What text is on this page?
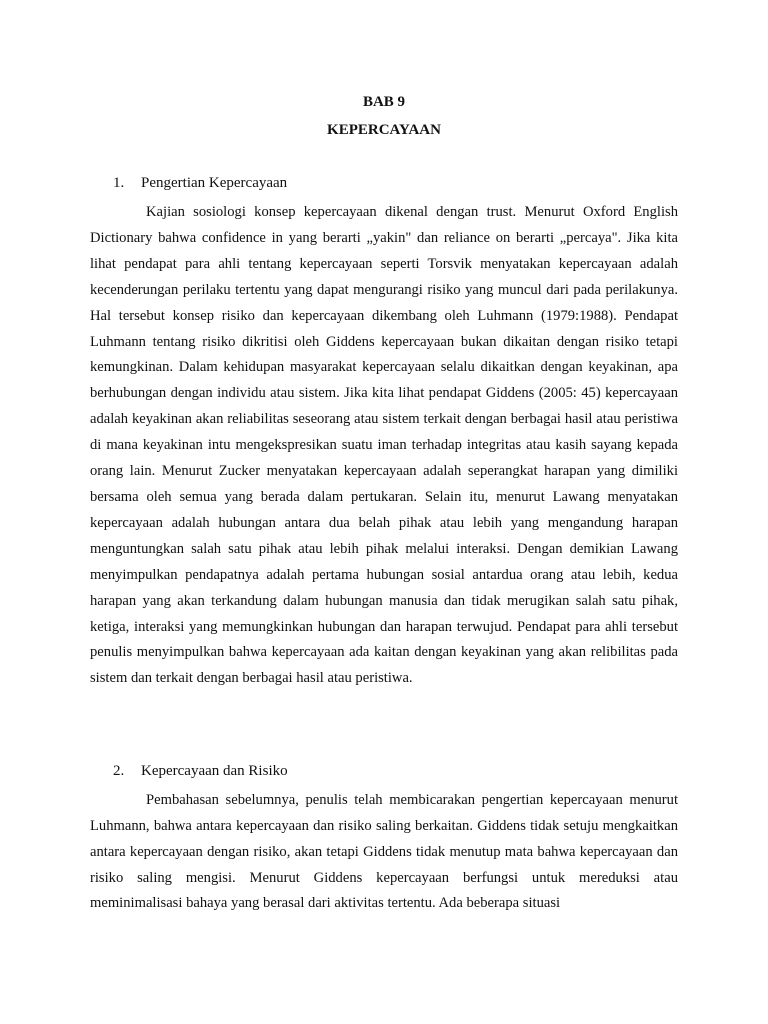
BAB 9
KEPERCAYAAN
1. Pengertian Kepercayaan

Kajian sosiologi konsep kepercayaan dikenal dengan trust. Menurut Oxford English Dictionary bahwa confidence in yang berarti „yakin" dan reliance on berarti „percaya". Jika kita lihat pendapat para ahli tentang kepercayaan seperti Torsvik menyatakan kepercayaan adalah kecenderungan perilaku tertentu yang dapat mengurangi risiko yang muncul dari pada perilakunya. Hal tersebut konsep risiko dan kepercayaan dikembang oleh Luhmann (1979:1988). Pendapat Luhmann tentang risiko dikritisi oleh Giddens kepercayaan bukan dikaitan dengan risiko tetapi kemungkinan. Dalam kehidupan masyarakat kepercayaan selalu dikaitkan dengan keyakinan, apa berhubungan dengan individu atau sistem. Jika kita lihat pendapat Giddens (2005: 45) kepercayaan adalah keyakinan akan reliabilitas seseorang atau sistem terkait dengan berbagai hasil atau peristiwa di mana keyakinan intu mengekspresikan suatu iman terhadap integritas atau kasih sayang kepada orang lain. Menurut Zucker menyatakan kepercayaan adalah seperangkat harapan yang dimiliki bersama oleh semua yang berada dalam pertukaran. Selain itu, menurut Lawang menyatakan kepercayaan adalah hubungan antara dua belah pihak atau lebih yang mengandung harapan menguntungkan salah satu pihak atau lebih pihak melalui interaksi. Dengan demikian Lawang menyimpulkan pendapatnya adalah pertama hubungan sosial antardua orang atau lebih, kedua harapan yang akan terkandung dalam hubungan manusia dan tidak merugikan salah satu pihak, ketiga, interaksi yang memungkinkan hubungan dan harapan terwujud. Pendapat para ahli tersebut penulis menyimpulkan bahwa kepercayaan ada kaitan dengan keyakinan yang akan relibilitas pada sistem dan terkait dengan berbagai hasil atau peristiwa.

2. Kepercayaan dan Risiko

Pembahasan sebelumnya, penulis telah membicarakan pengertian kepercayaan menurut Luhmann, bahwa antara kepercayaan dan risiko saling berkaitan. Giddens tidak setuju mengkaitkan antara kepercayaan dengan risiko, akan tetapi Giddens tidak menutup mata bahwa kepercayaan dan risiko saling mengisi. Menurut Giddens kepercayaan berfungsi untuk mereduksi atau meminimalisasi bahaya yang berasal dari aktivitas tertentu. Ada beberapa situasi
